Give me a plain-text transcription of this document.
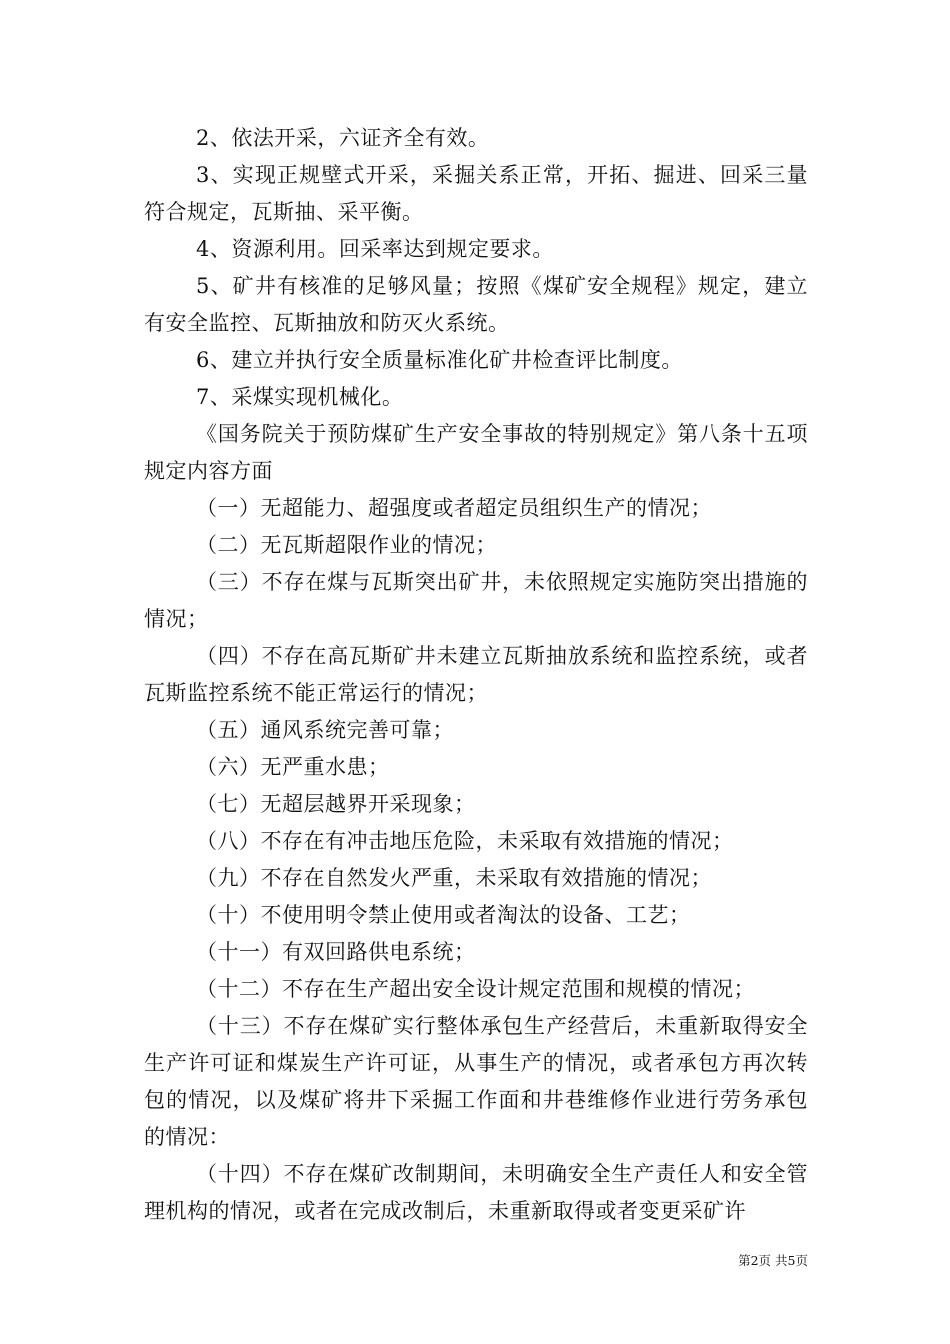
2、依法开采，六证齐全有效。

3、实现正规壁式开采，采掘关系正常，开拓、掘进、回采三量符合规定，瓦斯抽、采平衡。

4、资源利用。回采率达到规定要求。

5、矿井有核准的足够风量；按照《煤矿安全规程》规定，建立有安全监控、瓦斯抽放和防灭火系统。

6、建立并执行安全质量标准化矿井检查评比制度。

7、采煤实现机械化。

《国务院关于预防煤矿生产安全事故的特别规定》第八条十五项规定内容方面

（一）无超能力、超强度或者超定员组织生产的情况；

（二）无瓦斯超限作业的情况；

（三）不存在煤与瓦斯突出矿井，未依照规定实施防突出措施的情况；

（四）不存在高瓦斯矿井未建立瓦斯抽放系统和监控系统，或者瓦斯监控系统不能正常运行的情况；

（五）通风系统完善可靠；

（六）无严重水患；

（七）无超层越界开采现象；

（八）不存在有冲击地压危险，未采取有效措施的情况；

（九）不存在自然发火严重，未采取有效措施的情况；

（十）不使用明令禁止使用或者淘汰的设备、工艺；

（十一）有双回路供电系统；

（十二）不存在生产超出安全设计规定范围和规模的情况；

（十三）不存在煤矿实行整体承包生产经营后，未重新取得安全生产许可证和煤炭生产许可证，从事生产的情况，或者承包方再次转包的情况，以及煤矿将井下采掘工作面和井巷维修作业进行劳务承包的情况：

（十四）不存在煤矿改制期间，未明确安全生产责任人和安全管理机构的情况，或者在完成改制后，未重新取得或者变更采矿许

第2页 共5页
